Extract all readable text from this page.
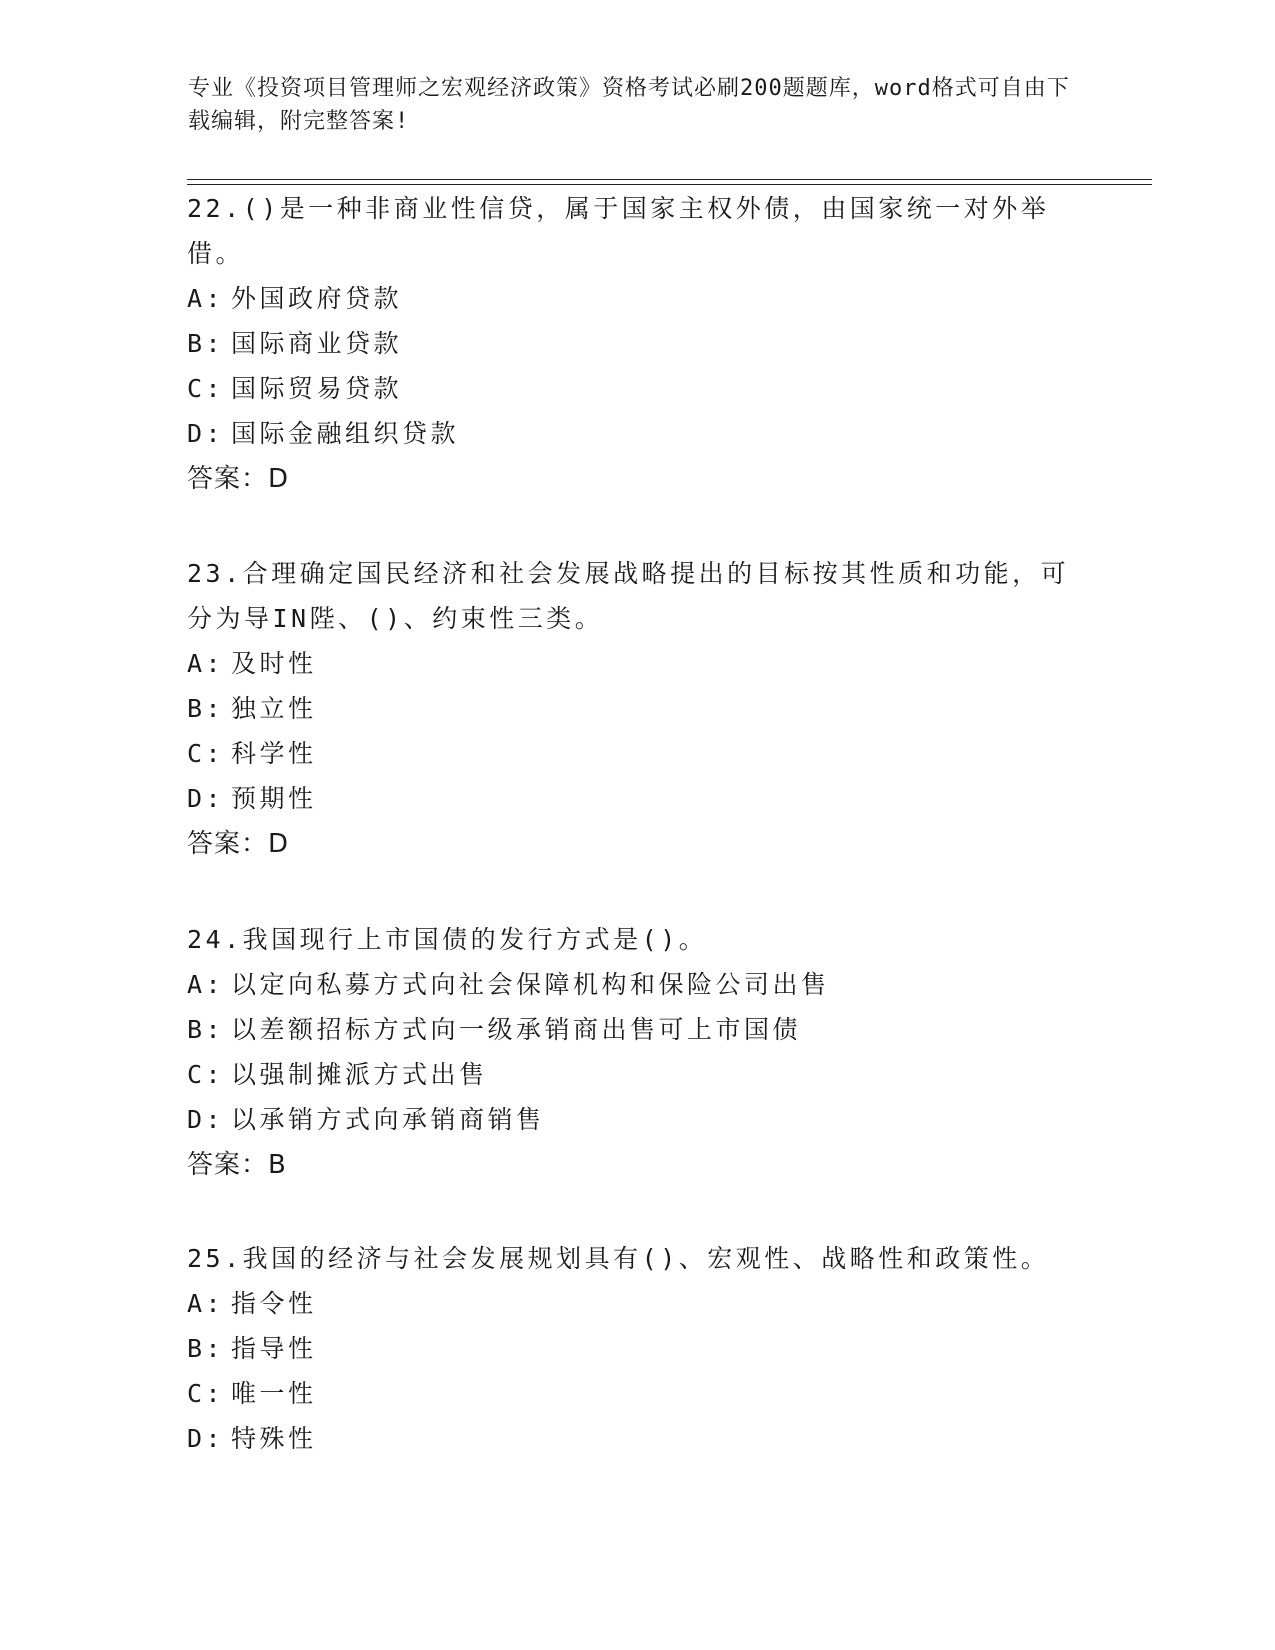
专业《投资项目管理师之宏观经济政策》资格考试必刷200题题库，word格式可自由下载编辑，附完整答案!

22.()是一种非商业性信贷，属于国家主权外债，由国家统一对外举借。

A: 外国政府贷款

B: 国际商业贷款

C: 国际贸易贷款

D: 国际金融组织贷款

答案：D

23.合理确定国民经济和社会发展战略提出的目标按其性质和功能，可分为导IN陛、()、约束性三类。

A: 及时性

B: 独立性

C: 科学性

D: 预期性

答案：D

24.我国现行上市国债的发行方式是()。

A: 以定向私募方式向社会保障机构和保险公司出售

B: 以差额招标方式向一级承销商出售可上市国债

C: 以强制摊派方式出售

D: 以承销方式向承销商销售

答案：B

25.我国的经济与社会发展规划具有()、宏观性、战略性和政策性。

A: 指令性

B: 指导性

C: 唯一性

D: 特殊性
